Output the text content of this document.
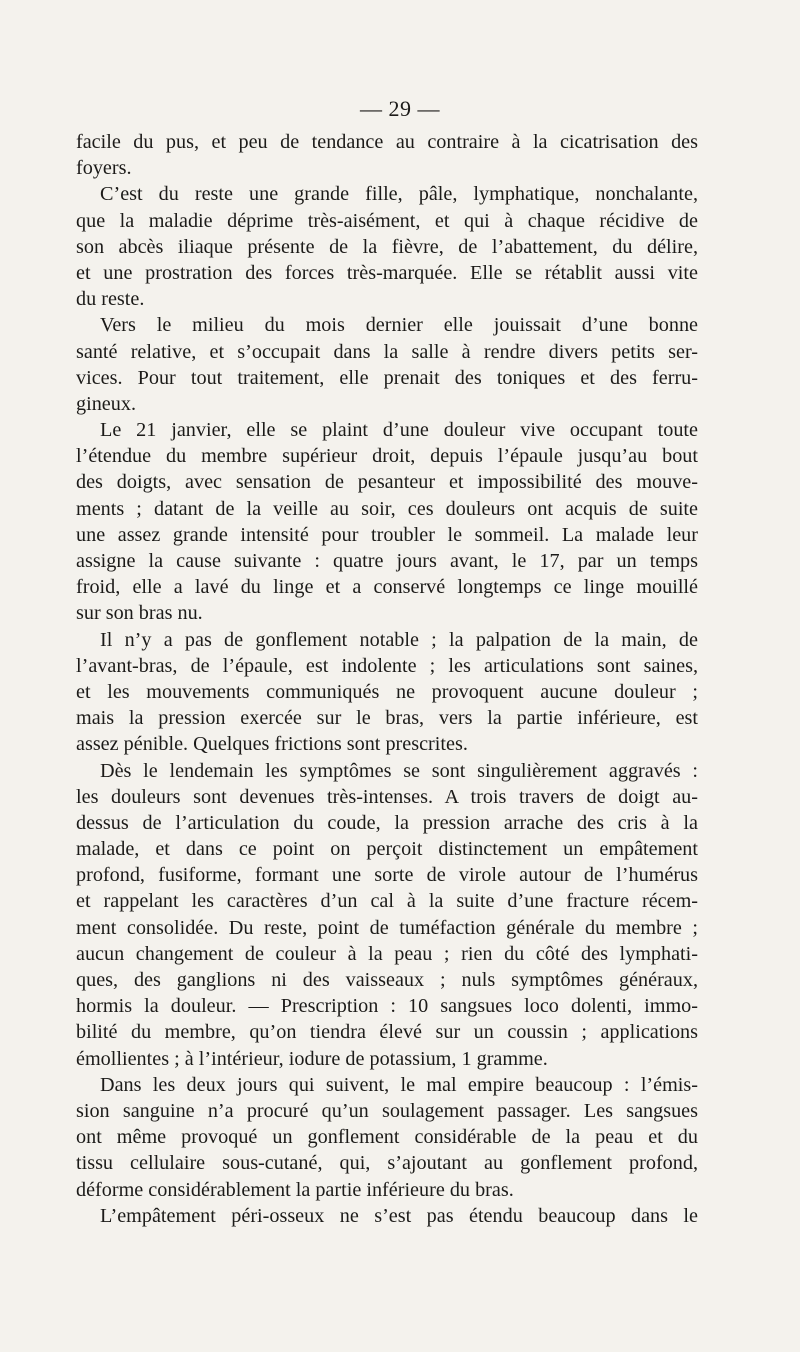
— 29 —
facile du pus, et peu de tendance au contraire à la cicatrisation des
foyers.
C’est du reste une grande fille, pâle, lymphatique, nonchalante,
que la maladie déprime très-aisément, et qui à chaque récidive de
son abcès iliaque présente de la fièvre, de l’abattement, du délire,
et une prostration des forces très-marquée. Elle se rétablit aussi vite
du reste.
Vers le milieu du mois dernier elle jouissait d’une bonne
santé relative, et s’occupait dans la salle à rendre divers petits ser-
vices. Pour tout traitement, elle prenait des toniques et des ferru-
gineux.
Le 21 janvier, elle se plaint d’une douleur vive occupant toute
l’étendue du membre supérieur droit, depuis l’épaule jusqu’au bout
des doigts, avec sensation de pesanteur et impossibilité des mouve-
ments ; datant de la veille au soir, ces douleurs ont acquis de suite
une assez grande intensité pour troubler le sommeil. La malade leur
assigne la cause suivante : quatre jours avant, le 17, par un temps
froid, elle a lavé du linge et a conservé longtemps ce linge mouillé
sur son bras nu.
Il n’y a pas de gonflement notable ; la palpation de la main, de
l’avant-bras, de l’épaule, est indolente ; les articulations sont saines,
et les mouvements communiqués ne provoquent aucune douleur ;
mais la pression exercée sur le bras, vers la partie inférieure, est
assez pénible. Quelques frictions sont prescrites.
Dès le lendemain les symptômes se sont singulièrement aggravés :
les douleurs sont devenues très-intenses. A trois travers de doigt au-
dessus de l’articulation du coude, la pression arrache des cris à la
malade, et dans ce point on perçoit distinctement un empâtement
profond, fusiforme, formant une sorte de virole autour de l’humérus
et rappelant les caractères d’un cal à la suite d’une fracture récem-
ment consolidée. Du reste, point de tuméfaction générale du membre ;
aucun changement de couleur à la peau ; rien du côté des lymphati-
ques, des ganglions ni des vaisseaux ; nuls symptômes généraux,
hormis la douleur. — Prescription : 10 sangsues loco dolenti, immo-
bilité du membre, qu’on tiendra élevé sur un coussin ; applications
émollientes ; à l’intérieur, iodure de potassium, 1 gramme.
Dans les deux jours qui suivent, le mal empire beaucoup : l’émis-
sion sanguine n’a procuré qu’un soulagement passager. Les sangsues
ont même provoqué un gonflement considérable de la peau et du
tissu cellulaire sous-cutané, qui, s’ajoutant au gonflement profond,
déforme considérablement la partie inférieure du bras.
L’empâtement péri-osseux ne s’est pas étendu beaucoup dans le
